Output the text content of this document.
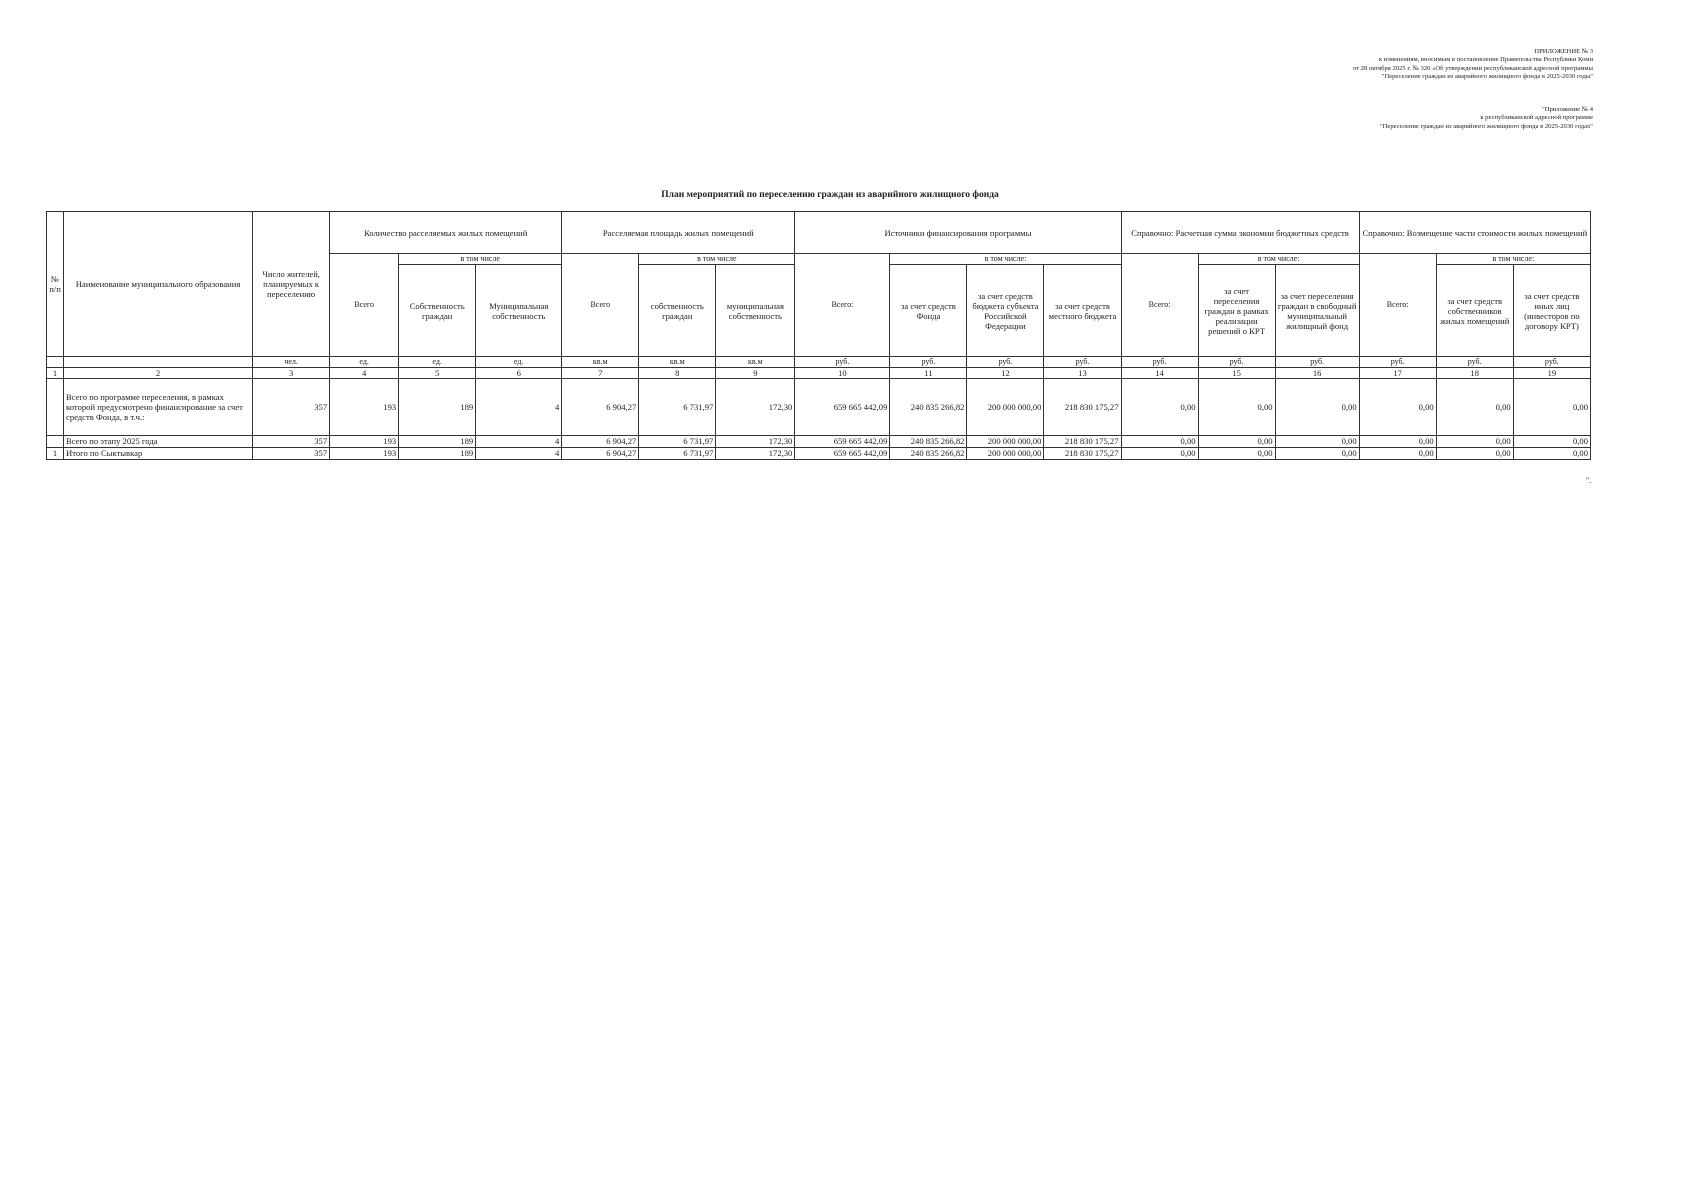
ПРИЛОЖЕНИЕ № 3
к изменениям, вносимым в постановление Правительства Республики Коми
от 28 октября 2025 г. № 320 «Об утверждении республиканской адресной программы
"Переселение граждан из аварийного жилищного фонда в 2025-2030 годы"
"Приложение № 4
к республиканской адресной программе
"Переселение граждан из аварийного жилищного фонда в 2025-2030 годах"
План мероприятий по переселению граждан из аварийного жилищного фонда
№ п/п	Наименование муниципального образования	Число жителей, планируемых к переселению	Количество расселяемых жилых помещений			Расселяемая площадь жилых помещений			Источники финансирования программы				Справочно: Расчетная сумма экономии бюджетных средств			Справочно: Возмещение части стоимости жилых помещений		
			Всего	в том числе		Всего	в том числе		Всего:	в том числе:			Всего:	в том числе:		Всего:	в том числе:	
				Собственность граждан	Муниципальная собственность		собственность граждан	муниципальная собственность		за счет средств Фонда	за счет средств бюджета субъекта Российской Федерации	за счет средств местного бюджета		за счет переселения граждан в рамках реализации решений о КРТ	за счет переселения граждан в свободный муниципальный жилищный фонд		за счет средств собственников жилых помещений	за счет средств иных лиц (инвесторов по договору КРТ)
		чел.	ед.	ед.	ед.	кв.м	кв.м	кв.м	руб.	руб.	руб.	руб.	руб.	руб.	руб.	руб.	руб.	руб.
1	2	3	4	5	6	7	8	9	10	11	12	13	14	15	16	17	18	19
	Всего по программе переселения, в рамках которой предусмотрено финансирование за счет средств Фонда, в т.ч.:	357	193	189	4	6 904,27	6 731,97	172,30	659 665 442,09	240 835 266,82	200 000 000,00	218 830 175,27	0,00	0,00	0,00	0,00	0,00	0,00
	Всего по этапу 2025 года	357	193	189	4	6 904,27	6 731,97	172,30	659 665 442,09	240 835 266,82	200 000 000,00	218 830 175,27	0,00	0,00	0,00	0,00	0,00	0,00
1	Итого по Сыктывкар	357	193	189	4	6 904,27	6 731,97	172,30	659 665 442,09	240 835 266,82	200 000 000,00	218 830 175,27	0,00	0,00	0,00	0,00	0,00	0,00
".
